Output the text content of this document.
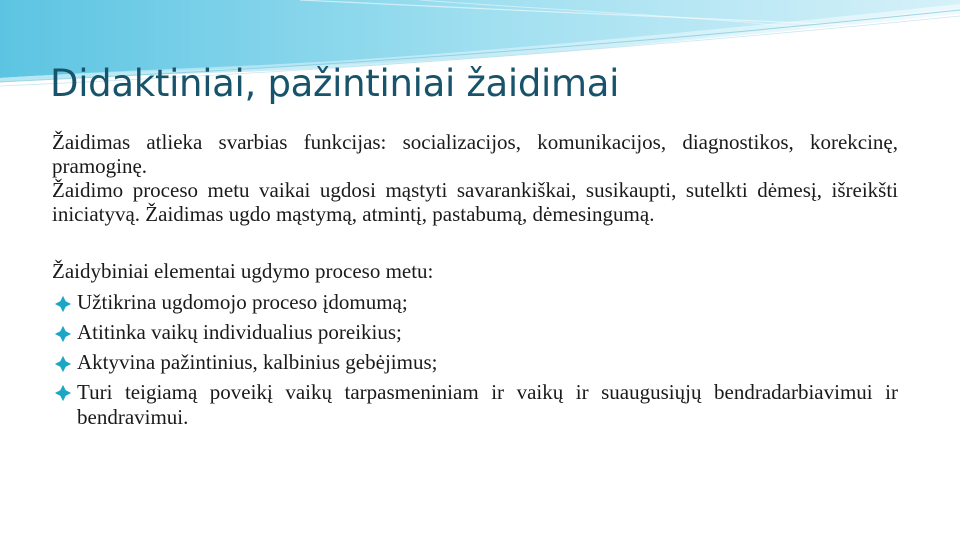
Didaktiniai, pažintiniai žaidimai

Žaidimas atlieka svarbias funkcijas: socializacijos, komunikacijos, diagnostikos, korekcinę, pramoginę.

Žaidimo proceso metu vaikai ugdosi mąstyti savarankiškai, susikaupti, sutelkti dėmesį, išreikšti iniciatyvą. Žaidimas ugdo mąstymą, atmintį, pastabumą, dėmesingumą.

Žaidybiniai elementai ugdymo proceso metu:

Užtikrina ugdomojo proceso įdomumą;
Atitinka vaikų individualius poreikius;
Aktyvina pažintinius, kalbinius gebėjimus;
Turi teigiamą poveikį vaikų tarpasmeniniam ir vaikų ir suaugusiųjų bendradarbiavimui ir bendravimui.
